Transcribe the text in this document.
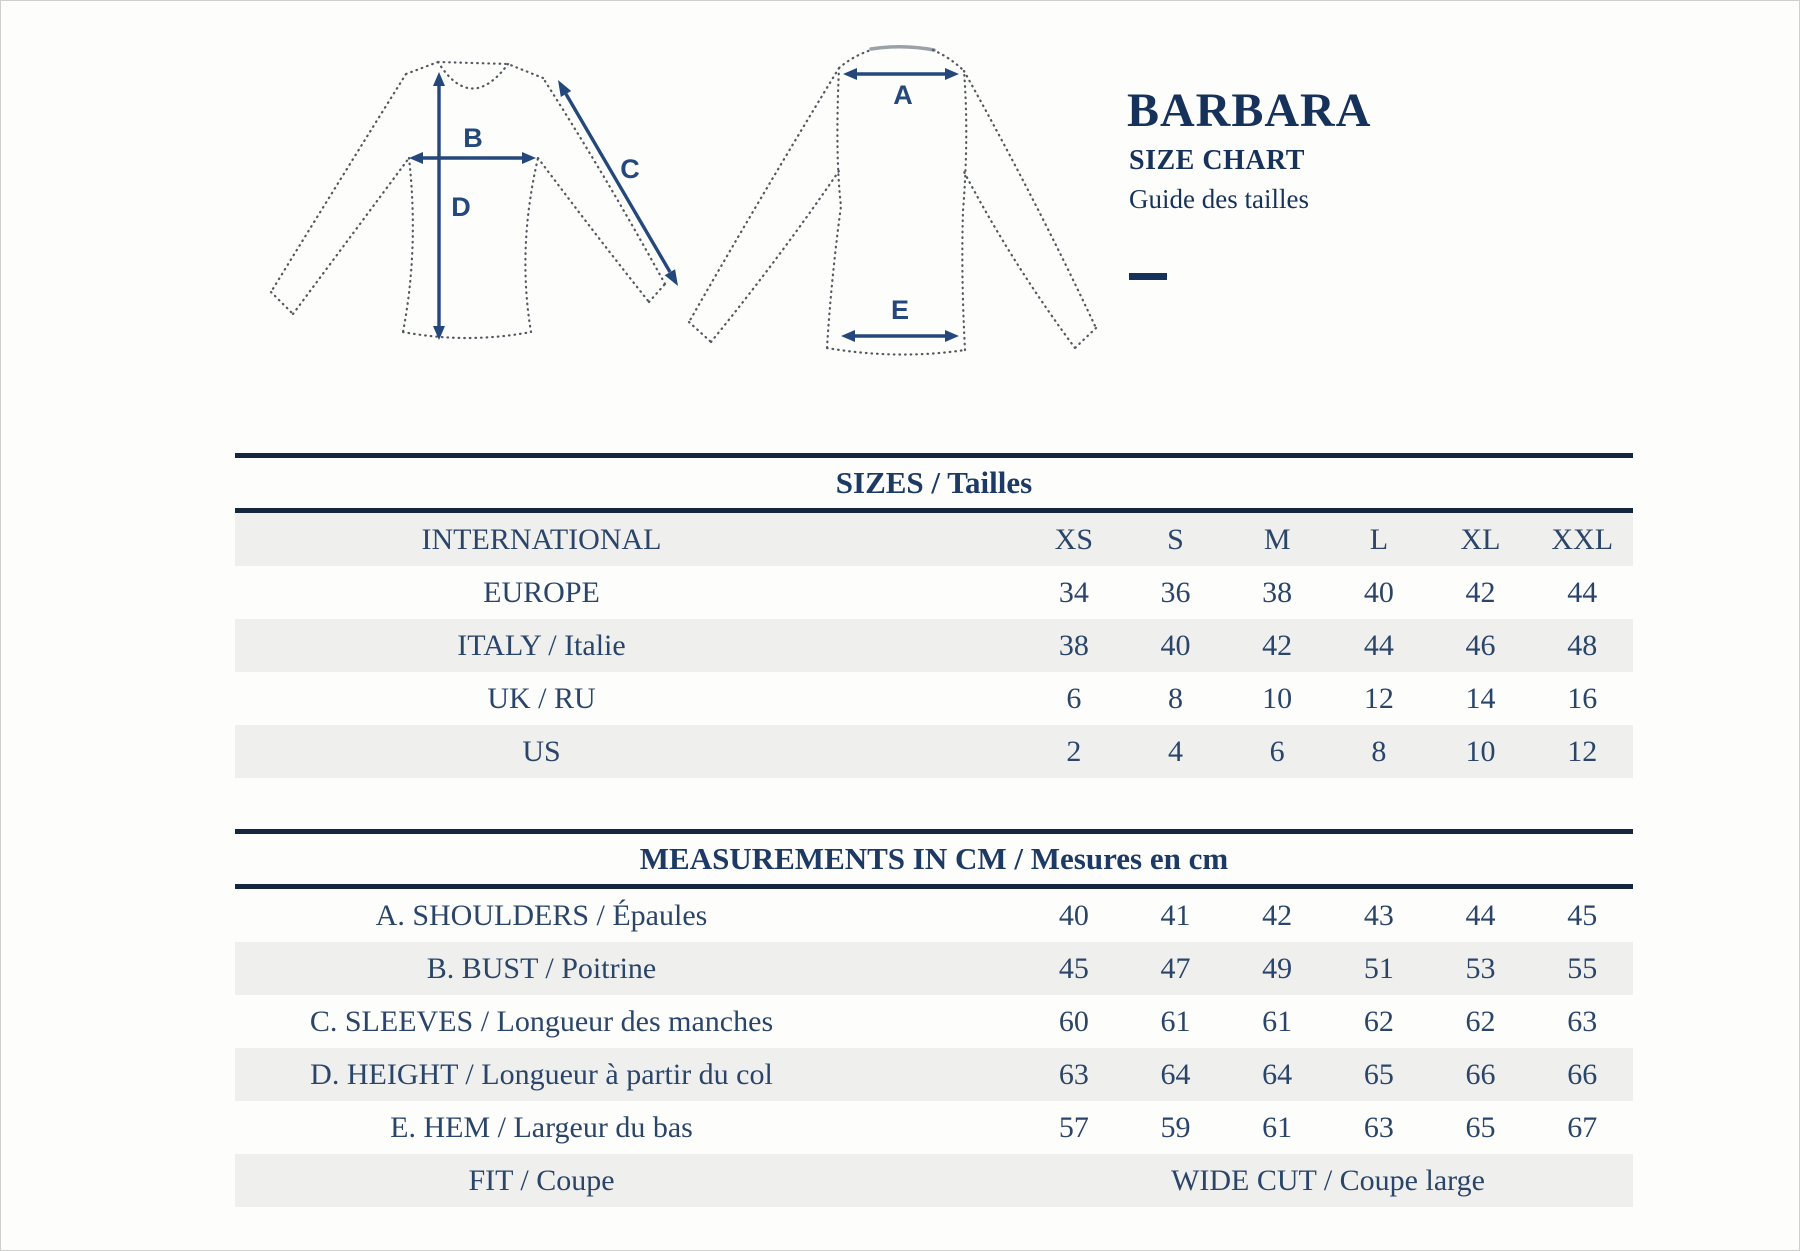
B
D
C
A
E
BARBARA
SIZE CHART
Guide des tailles
SIZES / Tailles
INTERNATIONAL	XS	S	M	L	XL	XXL
EUROPE	34	36	38	40	42	44
ITALY / Italie	38	40	42	44	46	48
UK / RU	6	8	10	12	14	16
US	2	4	6	8	10	12
MEASUREMENTS IN CM / Mesures en cm
A. SHOULDERS / Épaules	40	41	42	43	44	45
B. BUST / Poitrine	45	47	49	51	53	55
C. SLEEVES / Longueur des manches	60	61	61	62	62	63
D. HEIGHT / Longueur à partir du col	63	64	64	65	66	66
E. HEM / Largeur du bas	57	59	61	63	65	67
FIT / Coupe	WIDE CUT / Coupe large
